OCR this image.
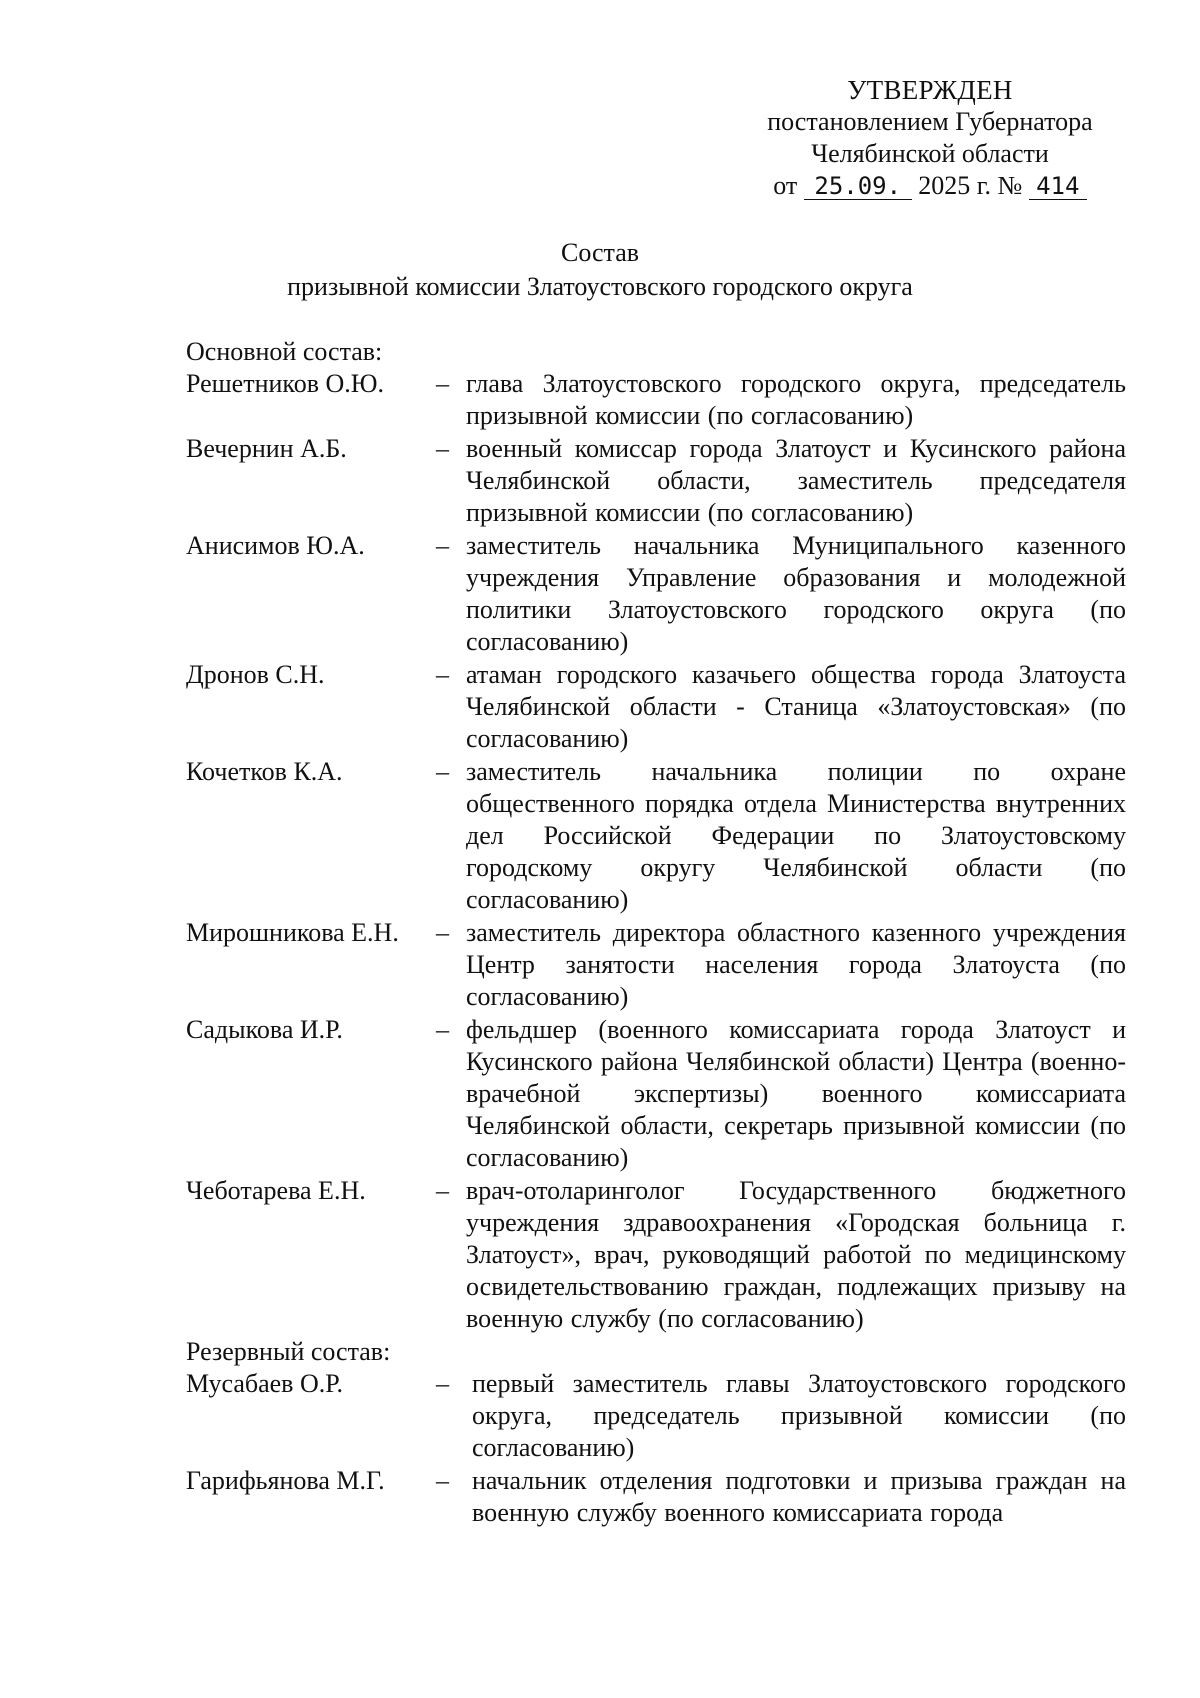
УТВЕРЖДЕН
постановлением Губернатора
Челябинской области
от 25.09. 2025 г. № 414
Состав
призывной комиссии Златоустовского городского округа
Основной состав:
Решетников О.Ю.	– глава Златоустовского городского округа, председатель призывной комиссии (по согласованию)
Вечернин А.Б.	– военный комиссар города Златоуст и Кусинского района Челябинской области, заместитель председателя призывной комиссии (по согласованию)
Анисимов Ю.А.	– заместитель начальника Муниципального казенного учреждения Управление образования и молодежной политики Златоустовского городского округа (по согласованию)
Дронов С.Н.	– атаман городского казачьего общества города Златоуста Челябинской области - Станица «Златоустовская» (по согласованию)
Кочетков К.А.	– заместитель начальника полиции по охране общественного порядка отдела Министерства внутренних дел Российской Федерации по Златоустовскому городскому округу Челябинской области (по согласованию)
Мирошникова Е.Н.	– заместитель директора областного казенного учреждения Центр занятости населения города Златоуста (по согласованию)
Садыкова И.Р.	– фельдшер (военного комиссариата города Златоуст и Кусинского района Челябинской области) Центра (военно-врачебной экспертизы) военного комиссариата Челябинской области, секретарь призывной комиссии (по согласованию)
Чеботарева Е.Н.	– врач-отоларинголог Государственного бюджетного учреждения здравоохранения «Городская больница г. Златоуст», врач, руководящий работой по медицинскому освидетельствованию граждан, подлежащих призыву на военную службу (по согласованию)
Резервный состав:
Мусабаев О.Р.	– первый заместитель главы Златоустовского городского округа, председатель призывной комиссии (по согласованию)
Гарифьянова М.Г.	– начальник отделения подготовки и призыва граждан на военную службу военного комиссариата города
